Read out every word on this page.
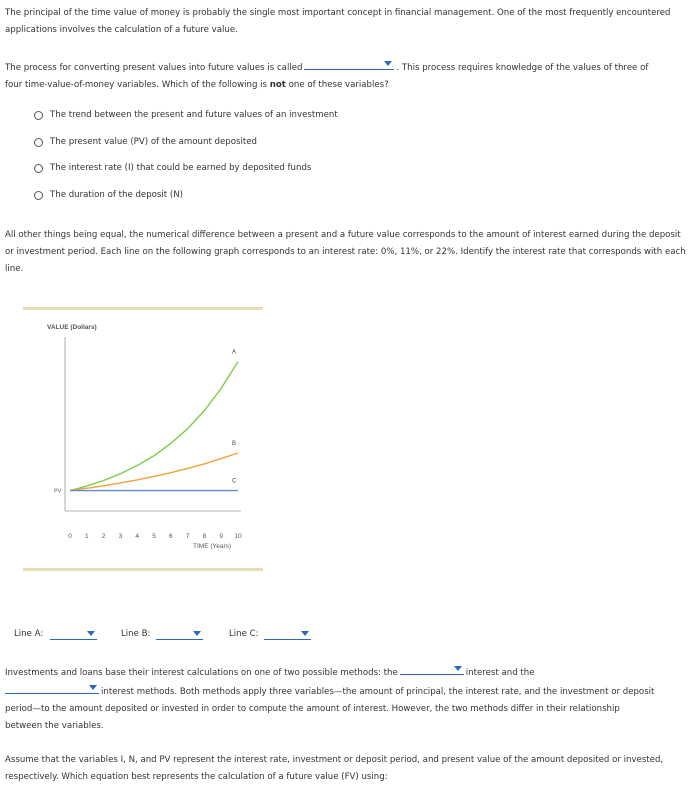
The principal of the time value of money is probably the single most important concept in financial management. One of the most frequently encountered applications involves the calculation of a future value.

The process for converting present values into future values is called	. This process requires knowledge of the values of three of
four time-value-of-money variables. Which of the following is not one of these variables?

The trend between the present and future values of an investment
The present value (PV) of the amount deposited
The interest rate (I) that could be earned by deposited funds
The duration of the deposit (N)

All other things being equal, the numerical difference between a present and a future value corresponds to the amount of interest earned during the deposit or investment period. Each line on the following graph corresponds to an interest rate: 0%, 11%, or 22%. Identify the interest rate that corresponds with each line.

VALUE (Dollars)
A
B
C
PV
0 1 2 3 4 5 6 7 8 9 10
TIME (Years)
Line A:	Line B:	Line C:

Investments and loans base their interest calculations on one of two possible methods: the	interest and the

interest methods. Both methods apply three variables—the amount of principal, the interest rate, and the investment or deposit
period—to the amount deposited or invested in order to compute the amount of interest. However, the two methods differ in their relationship
between the variables.

Assume that the variables I, N, and PV represent the interest rate, investment or deposit period, and present value of the amount deposited or invested, respectively. Which equation best represents the calculation of a future value (FV) using:
